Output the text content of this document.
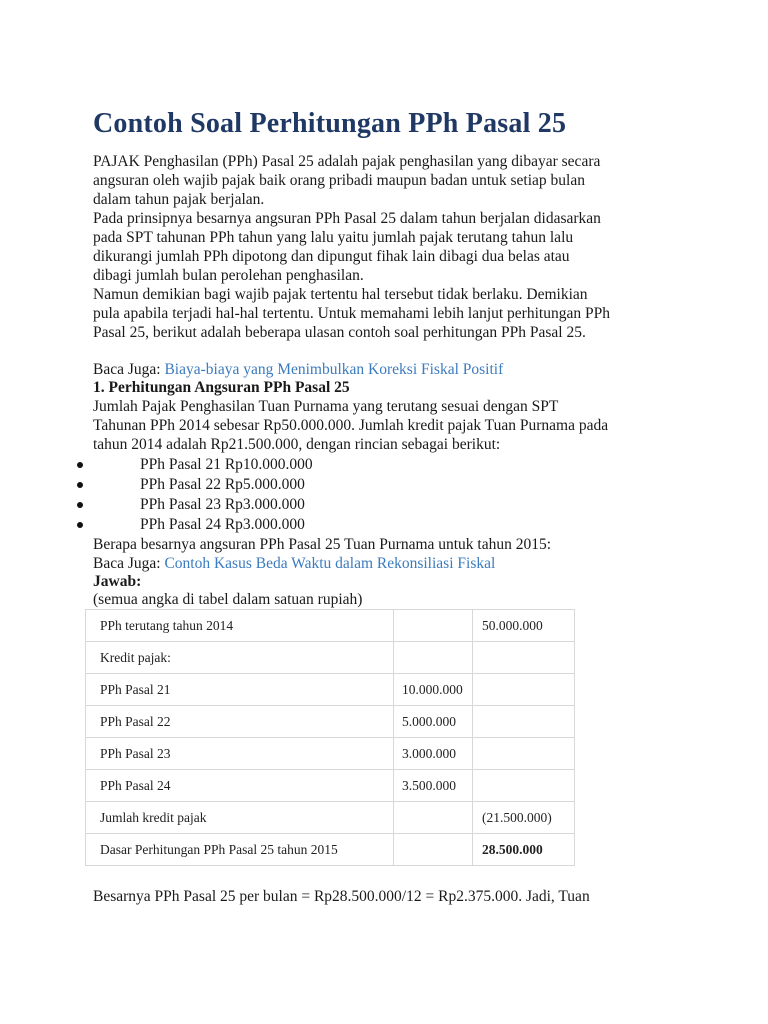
Contoh Soal Perhitungan PPh Pasal 25
PAJAK Penghasilan (PPh) Pasal 25 adalah pajak penghasilan yang dibayar secara
angsuran oleh wajib pajak baik orang pribadi maupun badan untuk setiap bulan
dalam tahun pajak berjalan.
Pada prinsipnya besarnya angsuran PPh Pasal 25 dalam tahun berjalan didasarkan
pada SPT tahunan PPh tahun yang lalu yaitu jumlah pajak terutang tahun lalu
dikurangi jumlah PPh dipotong dan dipungut fihak lain dibagi dua belas atau
dibagi jumlah bulan perolehan penghasilan.
Namun demikian bagi wajib pajak tertentu hal tersebut tidak berlaku. Demikian
pula apabila terjadi hal-hal tertentu. Untuk memahami lebih lanjut perhitungan PPh
Pasal 25, berikut adalah beberapa ulasan contoh soal perhitungan PPh Pasal 25.
Baca Juga: Biaya-biaya yang Menimbulkan Koreksi Fiskal Positif
1. Perhitungan Angsuran PPh Pasal 25
Jumlah Pajak Penghasilan Tuan Purnama yang terutang sesuai dengan SPT
Tahunan PPh 2014 sebesar Rp50.000.000. Jumlah kredit pajak Tuan Purnama pada
tahun 2014 adalah Rp21.500.000, dengan rincian sebagai berikut:
PPh Pasal 21 Rp10.000.000
PPh Pasal 22 Rp5.000.000
PPh Pasal 23 Rp3.000.000
PPh Pasal 24 Rp3.000.000
Berapa besarnya angsuran PPh Pasal 25 Tuan Purnama untuk tahun 2015:
Baca Juga: Contoh Kasus Beda Waktu dalam Rekonsiliasi Fiskal
Jawab:
(semua angka di tabel dalam satuan rupiah)
PPh terutang tahun 2014		50.000.000
Kredit pajak:		
PPh Pasal 21	10.000.000	
PPh Pasal 22	5.000.000	
PPh Pasal 23	3.000.000	
PPh Pasal 24	3.500.000	
Jumlah kredit pajak		(21.500.000)
Dasar Perhitungan PPh Pasal 25 tahun 2015		28.500.000
Besarnya PPh Pasal 25 per bulan = Rp28.500.000/12 = Rp2.375.000. Jadi, Tuan
